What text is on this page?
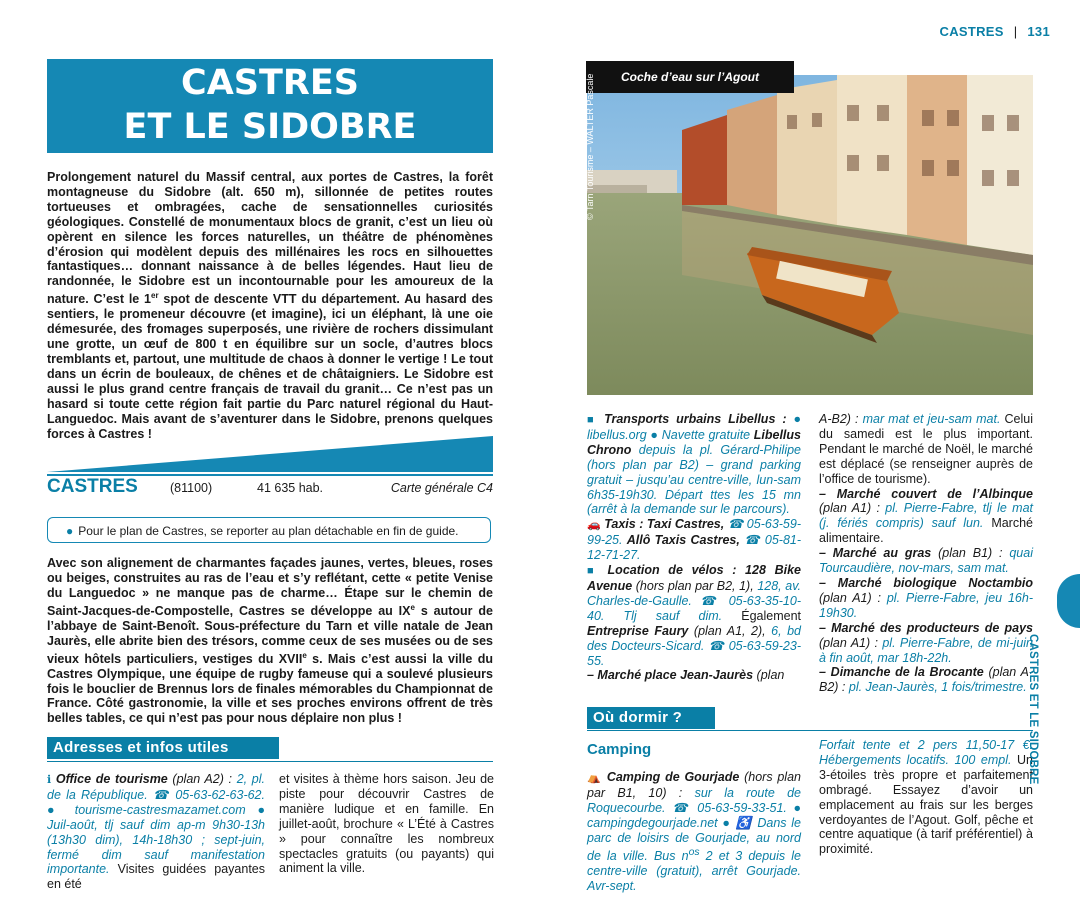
CASTRES | 131
CASTRES
ET LE SIDOBRE
Prolongement naturel du Massif central, aux portes de Castres, la forêt montagneuse du Sidobre (alt. 650 m), sillonnée de petites routes tortueuses et ombragées, cache de sensationnelles curiosités géologiques. Constellé de monumentaux blocs de granit, c’est un lieu où opèrent en silence les forces naturelles, un théâtre de phénomènes d’érosion qui modèlent depuis des millénaires les rocs en silhouettes fantastiques… donnant naissance à de belles légendes. Haut lieu de randonnée, le Sidobre est un incontournable pour les amoureux de la nature. C’est le 1er spot de descente VTT du département. Au hasard des sentiers, le promeneur découvre (et imagine), ici un éléphant, là une oie démesurée, des fromages superposés, une rivière de rochers dissimulant une grotte, un œuf de 800 t en équilibre sur un socle, d’autres blocs tremblants et, partout, une multitude de chaos à donner le vertige ! Le tout dans un écrin de bouleaux, de chênes et de châtaigniers. Le Sidobre est aussi le plus grand centre français de travail du granit… Ce n’est pas un hasard si toute cette région fait partie du Parc naturel régional du Haut-Languedoc. Mais avant de s’aventurer dans le Sidobre, prenons quelques forces à Castres !
CASTRES	(81100)	41 635 hab.	Carte générale C4
● Pour le plan de Castres, se reporter au plan détachable en fin de guide.
Avec son alignement de charmantes façades jaunes, vertes, bleues, roses ou beiges, construites au ras de l’eau et s’y reflétant, cette « petite Venise du Languedoc » ne manque pas de charme… Étape sur le chemin de Saint-Jacques-de-Compostelle, Castres se développe au IXe s autour de l’abbaye de Saint-Benoît. Sous-préfecture du Tarn et ville natale de Jean Jaurès, elle abrite bien des trésors, comme ceux de ses musées ou de ses vieux hôtels particuliers, vestiges du XVIIe s. Mais c’est aussi la ville du Castres Olympique, une équipe de rugby fameuse qui a soulevé plusieurs fois le bouclier de Brennus lors de finales mémorables du Championnat de France. Côté gastronomie, la ville et ses proches environs offrent de très belles tables, ce qui n’est pas pour nous déplaire non plus !
Adresses et infos utiles
ℹ Office de tourisme (plan A2) : 2, pl. de la République. ☎ 05-63-62-63-62. ● tourisme-castresmazamet.com ● Juil-août, tlj sauf dim ap-m 9h30-13h (13h30 dim), 14h-18h30 ; sept-juin, fermé dim sauf manifestation importante. Visites guidées payantes en été
et visites à thème hors saison. Jeu de piste pour découvrir Castres de manière ludique et en famille. En juillet-août, brochure « L’Été à Castres » pour connaître les nombreux spectacles gratuits (ou payants) qui animent la ville.
Coche d’eau sur l’Agout
© Tarn Tourisme – WALTER Pascale
■ Transports urbains Libellus : ● libellus.org ● Navette gratuite Libellus Chrono depuis la pl. Gérard-Philipe (hors plan par B2) – grand parking gratuit – jusqu’au centre-ville, lun-sam 6h35-19h30. Départ ttes les 15 mn (arrêt à la demande sur le parcours).
🚗 Taxis : Taxi Castres, ☎ 05-63-59-99-25. Allô Taxis Castres, ☎ 05-81-12-71-27.
■ Location de vélos : 128 Bike Avenue (hors plan par B2, 1), 128, av. Charles-de-Gaulle. ☎ 05-63-35-10-40. Tlj sauf dim. Également Entreprise Faury (plan A1, 2), 6, bd des Docteurs-Sicard. ☎ 05-63-59-23-55.
– Marché place Jean-Jaurès (plan
A-B2) : mar mat et jeu-sam mat. Celui du samedi est le plus important. Pendant le marché de Noël, le marché est déplacé (se renseigner auprès de l’office de tourisme).
– Marché couvert de l’Albinque (plan A1) : pl. Pierre-Fabre, tlj le mat (j. fériés compris) sauf lun. Marché alimentaire.
– Marché au gras (plan B1) : quai Tourcaudière, nov-mars, sam mat.
– Marché biologique Noctambio (plan A1) : pl. Pierre-Fabre, jeu 16h-19h30.
– Marché des producteurs de pays (plan A1) : pl. Pierre-Fabre, de mi-juin à fin août, mar 18h-22h.
– Dimanche de la Brocante (plan A-B2) : pl. Jean-Jaurès, 1 fois/trimestre.
Où dormir ?
Camping
⛺ Camping de Gourjade (hors plan par B1, 10) : sur la route de Roquecourbe. ☎ 05-63-59-33-51. ● campingdegourjade.net ● ♿ Dans le parc de loisirs de Gourjade, au nord de la ville. Bus $n^{os}$ 2 et 3 depuis le centre-ville (gratuit), arrêt Gourjade. Avr-sept.
Forfait tente et 2 pers 11,50-17 €. Hébergements locatifs. 100 empl. Un 3-étoiles très propre et parfaitement ombragé. Essayez d’avoir un emplacement au frais sur les berges verdoyantes de l’Agout. Golf, pêche et centre aquatique (à tarif préférentiel) à proximité.
CASTRES ET LE SIDOBRE
